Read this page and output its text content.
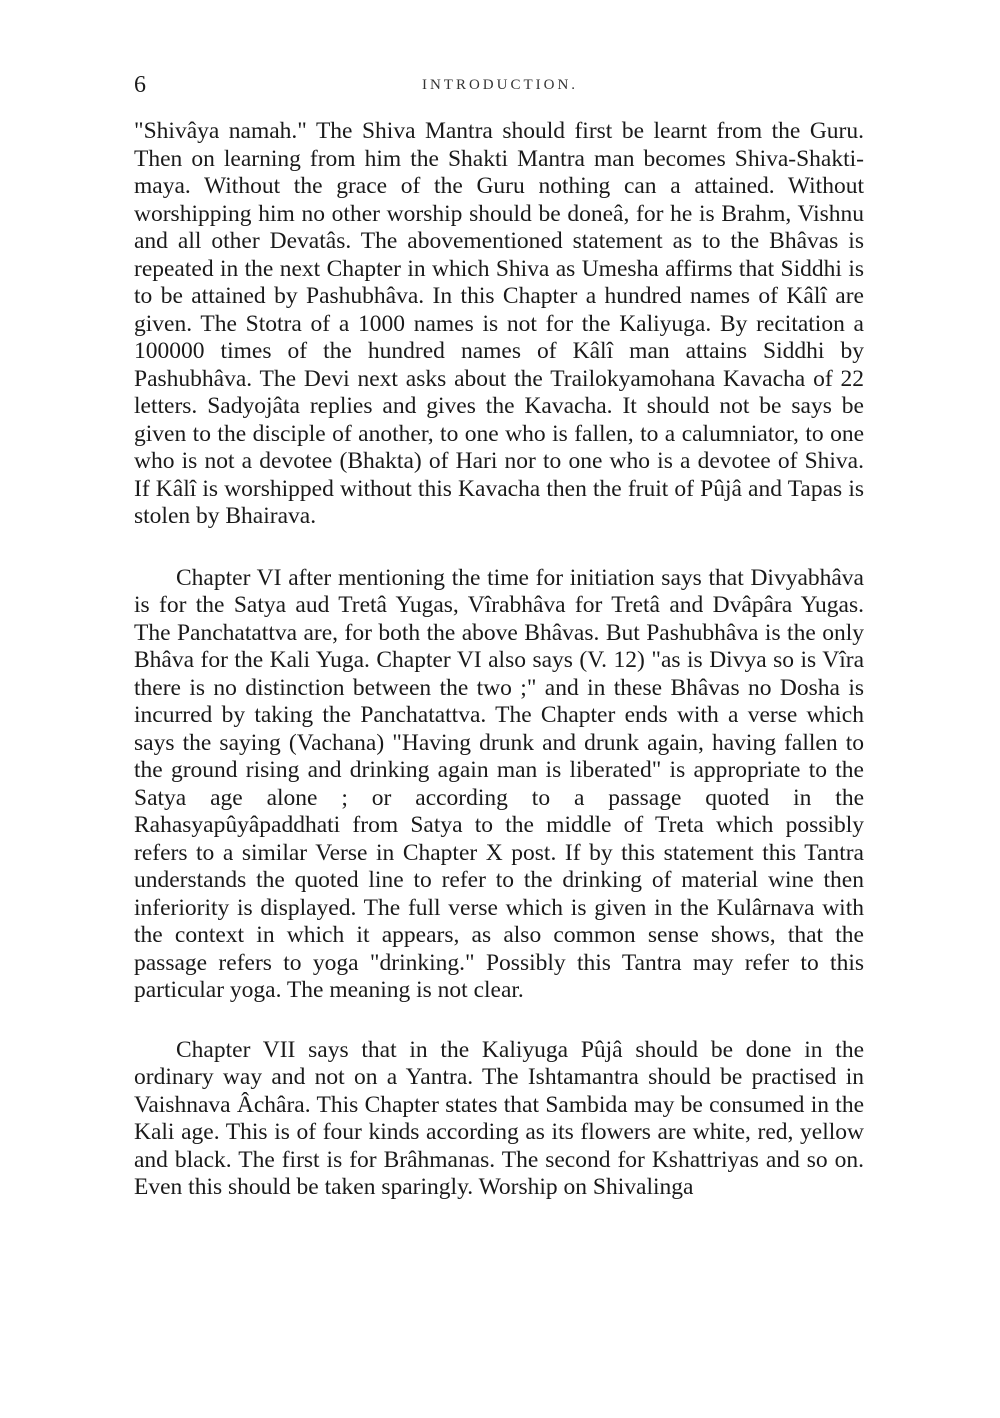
6	INTRODUCTION.

"Shivâya namah." The Shiva Mantra should first be learnt from the Guru. Then on learning from him the Shakti Mantra man becomes Shiva-Shakti-maya. Without the grace of the Guru nothing can a attained. Without worshipping him no other worship should be doneâ, for he is Brahm, Vishnu and all other Devatâs. The abovementioned statement as to the Bhâvas is repeated in the next Chapter in which Shiva as Umesha affirms that Siddhi is to be attained by Pashubhâva. In this Chapter a hundred names of Kâlî are given. The Stotra of a 1000 names is not for the Kaliyuga. By recitation a 100000 times of the hundred names of Kâlî man attains Siddhi by Pashubhâva. The Devi next asks about the Trailokyamohana Kavacha of 22 letters. Sadyojâta replies and gives the Kavacha. It should not be says be given to the disciple of another, to one who is fallen, to a calumniator, to one who is not a devotee (Bhakta) of Hari nor to one who is a devotee of Shiva. If Kâlî is worshipped without this Kavacha then the fruit of Pûjâ and Tapas is stolen by Bhairava.

Chapter VI after mentioning the time for initiation says that Divyabhâva is for the Satya aud Tretâ Yugas, Vîrabhâva for Tretâ and Dvâpâra Yugas. The Panchatattva are, for both the above Bhâvas. But Pashubhâva is the only Bhâva for the Kali Yuga. Chapter VI also says (V. 12) "as is Divya so is Vîra there is no distinction between the two ;" and in these Bhâvas no Dosha is incurred by taking the Panchatattva. The Chapter ends with a verse which says the saying (Vachana) "Having drunk and drunk again, having fallen to the ground rising and drinking again man is liberated" is appropriate to the Satya age alone ; or according to a passage quoted in the Rahasyapûyâpaddhati from Satya to the middle of Treta which possibly refers to a similar Verse in Chapter X post. If by this statement this Tantra understands the quoted line to refer to the drinking of material wine then inferiority is displayed. The full verse which is given in the Kulârnava with the context in which it appears, as also common sense shows, that the passage refers to yoga "drinking." Possibly this Tantra may refer to this particular yoga. The meaning is not clear.

Chapter VII says that in the Kaliyuga Pûjâ should be done in the ordinary way and not on a Yantra. The Ishtamantra should be practised in Vaishnava Âchâra. This Chapter states that Sambida may be consumed in the Kali age. This is of four kinds according as its flowers are white, red, yellow and black. The first is for Brâhmanas. The second for Kshattriyas and so on. Even this should be taken sparingly. Worship on Shivalinga
